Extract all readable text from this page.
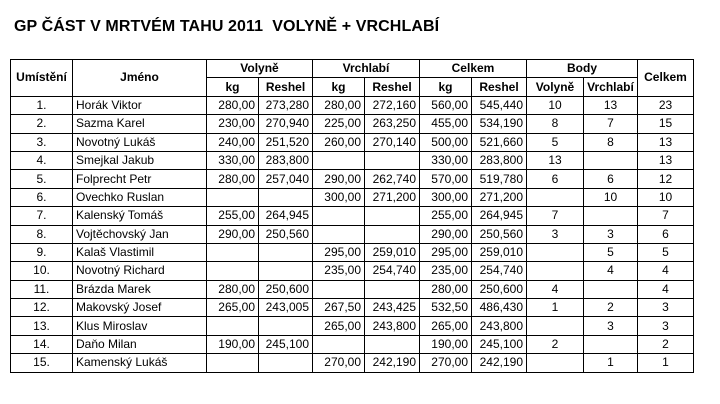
GP ČÁST V MRTVÉM TAHU 2011  VOLYNĚ + VRCHLABÍ
Umístění	Jméno	Volyně		Vrchlabí		Celkem		Body		Celkem
		kg	Reshel	kg	Reshel	kg	Reshel	Volyně	Vrchlabí	
1.	Horák Viktor	280,00	273,280	280,00	272,160	560,00	545,440	10	13	23
2.	Sazma Karel	230,00	270,940	225,00	263,250	455,00	534,190	8	7	15
3.	Novotný Lukáš	240,00	251,520	260,00	270,140	500,00	521,660	5	8	13
4.	Smejkal Jakub	330,00	283,800			330,00	283,800	13		13
5.	Folprecht Petr	280,00	257,040	290,00	262,740	570,00	519,780	6	6	12
6.	Ovechko Ruslan			300,00	271,200	300,00	271,200		10	10
7.	Kalenský Tomáš	255,00	264,945			255,00	264,945	7		7
8.	Vojtěchovský Jan	290,00	250,560			290,00	250,560	3	3	6
9.	Kalaš Vlastimil			295,00	259,010	295,00	259,010		5	5
10.	Novotný Richard			235,00	254,740	235,00	254,740		4	4
11.	Brázda Marek	280,00	250,600			280,00	250,600	4		4
12.	Makovský Josef	265,00	243,005	267,50	243,425	532,50	486,430	1	2	3
13.	Klus Miroslav			265,00	243,800	265,00	243,800		3	3
14.	Daňo Milan	190,00	245,100			190,00	245,100	2		2
15.	Kamenský Lukáš			270,00	242,190	270,00	242,190		1	1
